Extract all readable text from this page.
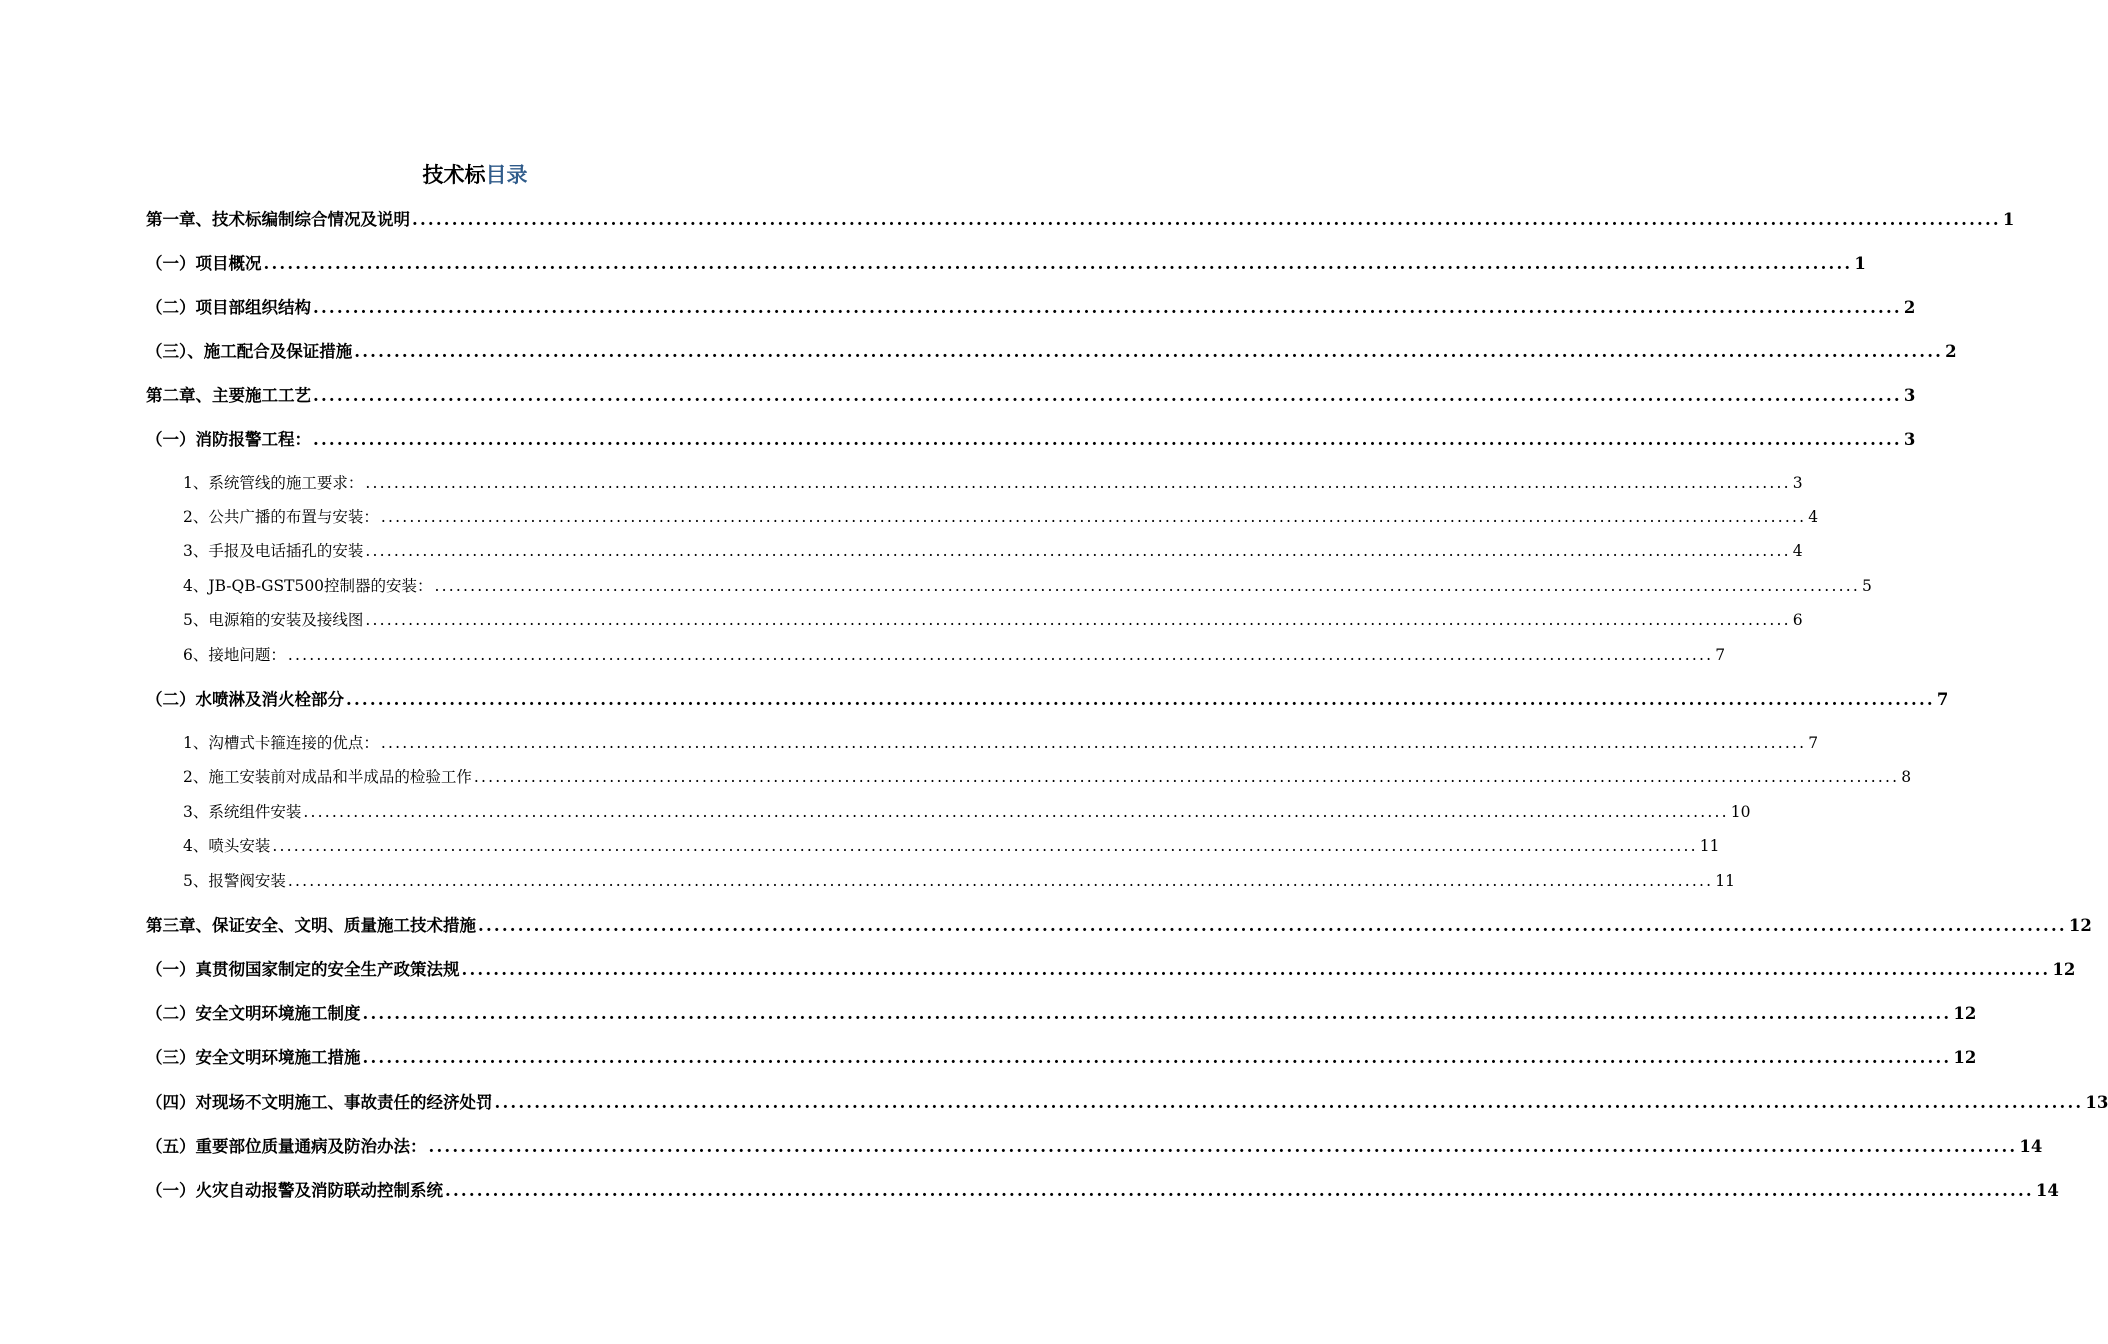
技术标目录
第一章、技术标编制综合情况及说明 ........................................................................................................................................................................................................ 1
（一）项目概况 ........................................................................................................................................................................................................ 1
（二）项目部组织结构 ........................................................................................................................................................................................................ 2
（三）、施工配合及保证措施 ........................................................................................................................................................................................................ 2
第二章、主要施工工艺 ........................................................................................................................................................................................................ 3
（一）消防报警工程： ........................................................................................................................................................................................................ 3
1、系统管线的施工要求： ........................................................................................................................................................................................................ 3
2、公共广播的布置与安装： ........................................................................................................................................................................................................ 4
3、手报及电话插孔的安装 ........................................................................................................................................................................................................ 4
4、JB-QB-GST500控制器的安装： ........................................................................................................................................................................................................ 5
5、电源箱的安装及接线图 ........................................................................................................................................................................................................ 6
6、接地问题： ........................................................................................................................................................................................................ 7
（二）水喷淋及消火栓部分 ........................................................................................................................................................................................................ 7
1、沟槽式卡箍连接的优点： ........................................................................................................................................................................................................ 7
2、施工安装前对成品和半成品的检验工作 ........................................................................................................................................................................................................ 8
3、系统组件安装 ........................................................................................................................................................................................................ 10
4、喷头安装 ........................................................................................................................................................................................................ 11
5、报警阀安装 ........................................................................................................................................................................................................ 11
第三章、保证安全、文明、质量施工技术措施 ........................................................................................................................................................................................................ 12
（一）真贯彻国家制定的安全生产政策法规 ........................................................................................................................................................................................................ 12
（二）安全文明环境施工制度 ........................................................................................................................................................................................................ 12
（三）安全文明环境施工措施 ........................................................................................................................................................................................................ 12
（四）对现场不文明施工、事故责任的经济处罚 ........................................................................................................................................................................................................ 13
（五）重要部位质量通病及防治办法： ........................................................................................................................................................................................................ 14
（一）火灾自动报警及消防联动控制系统 ........................................................................................................................................................................................................ 14
